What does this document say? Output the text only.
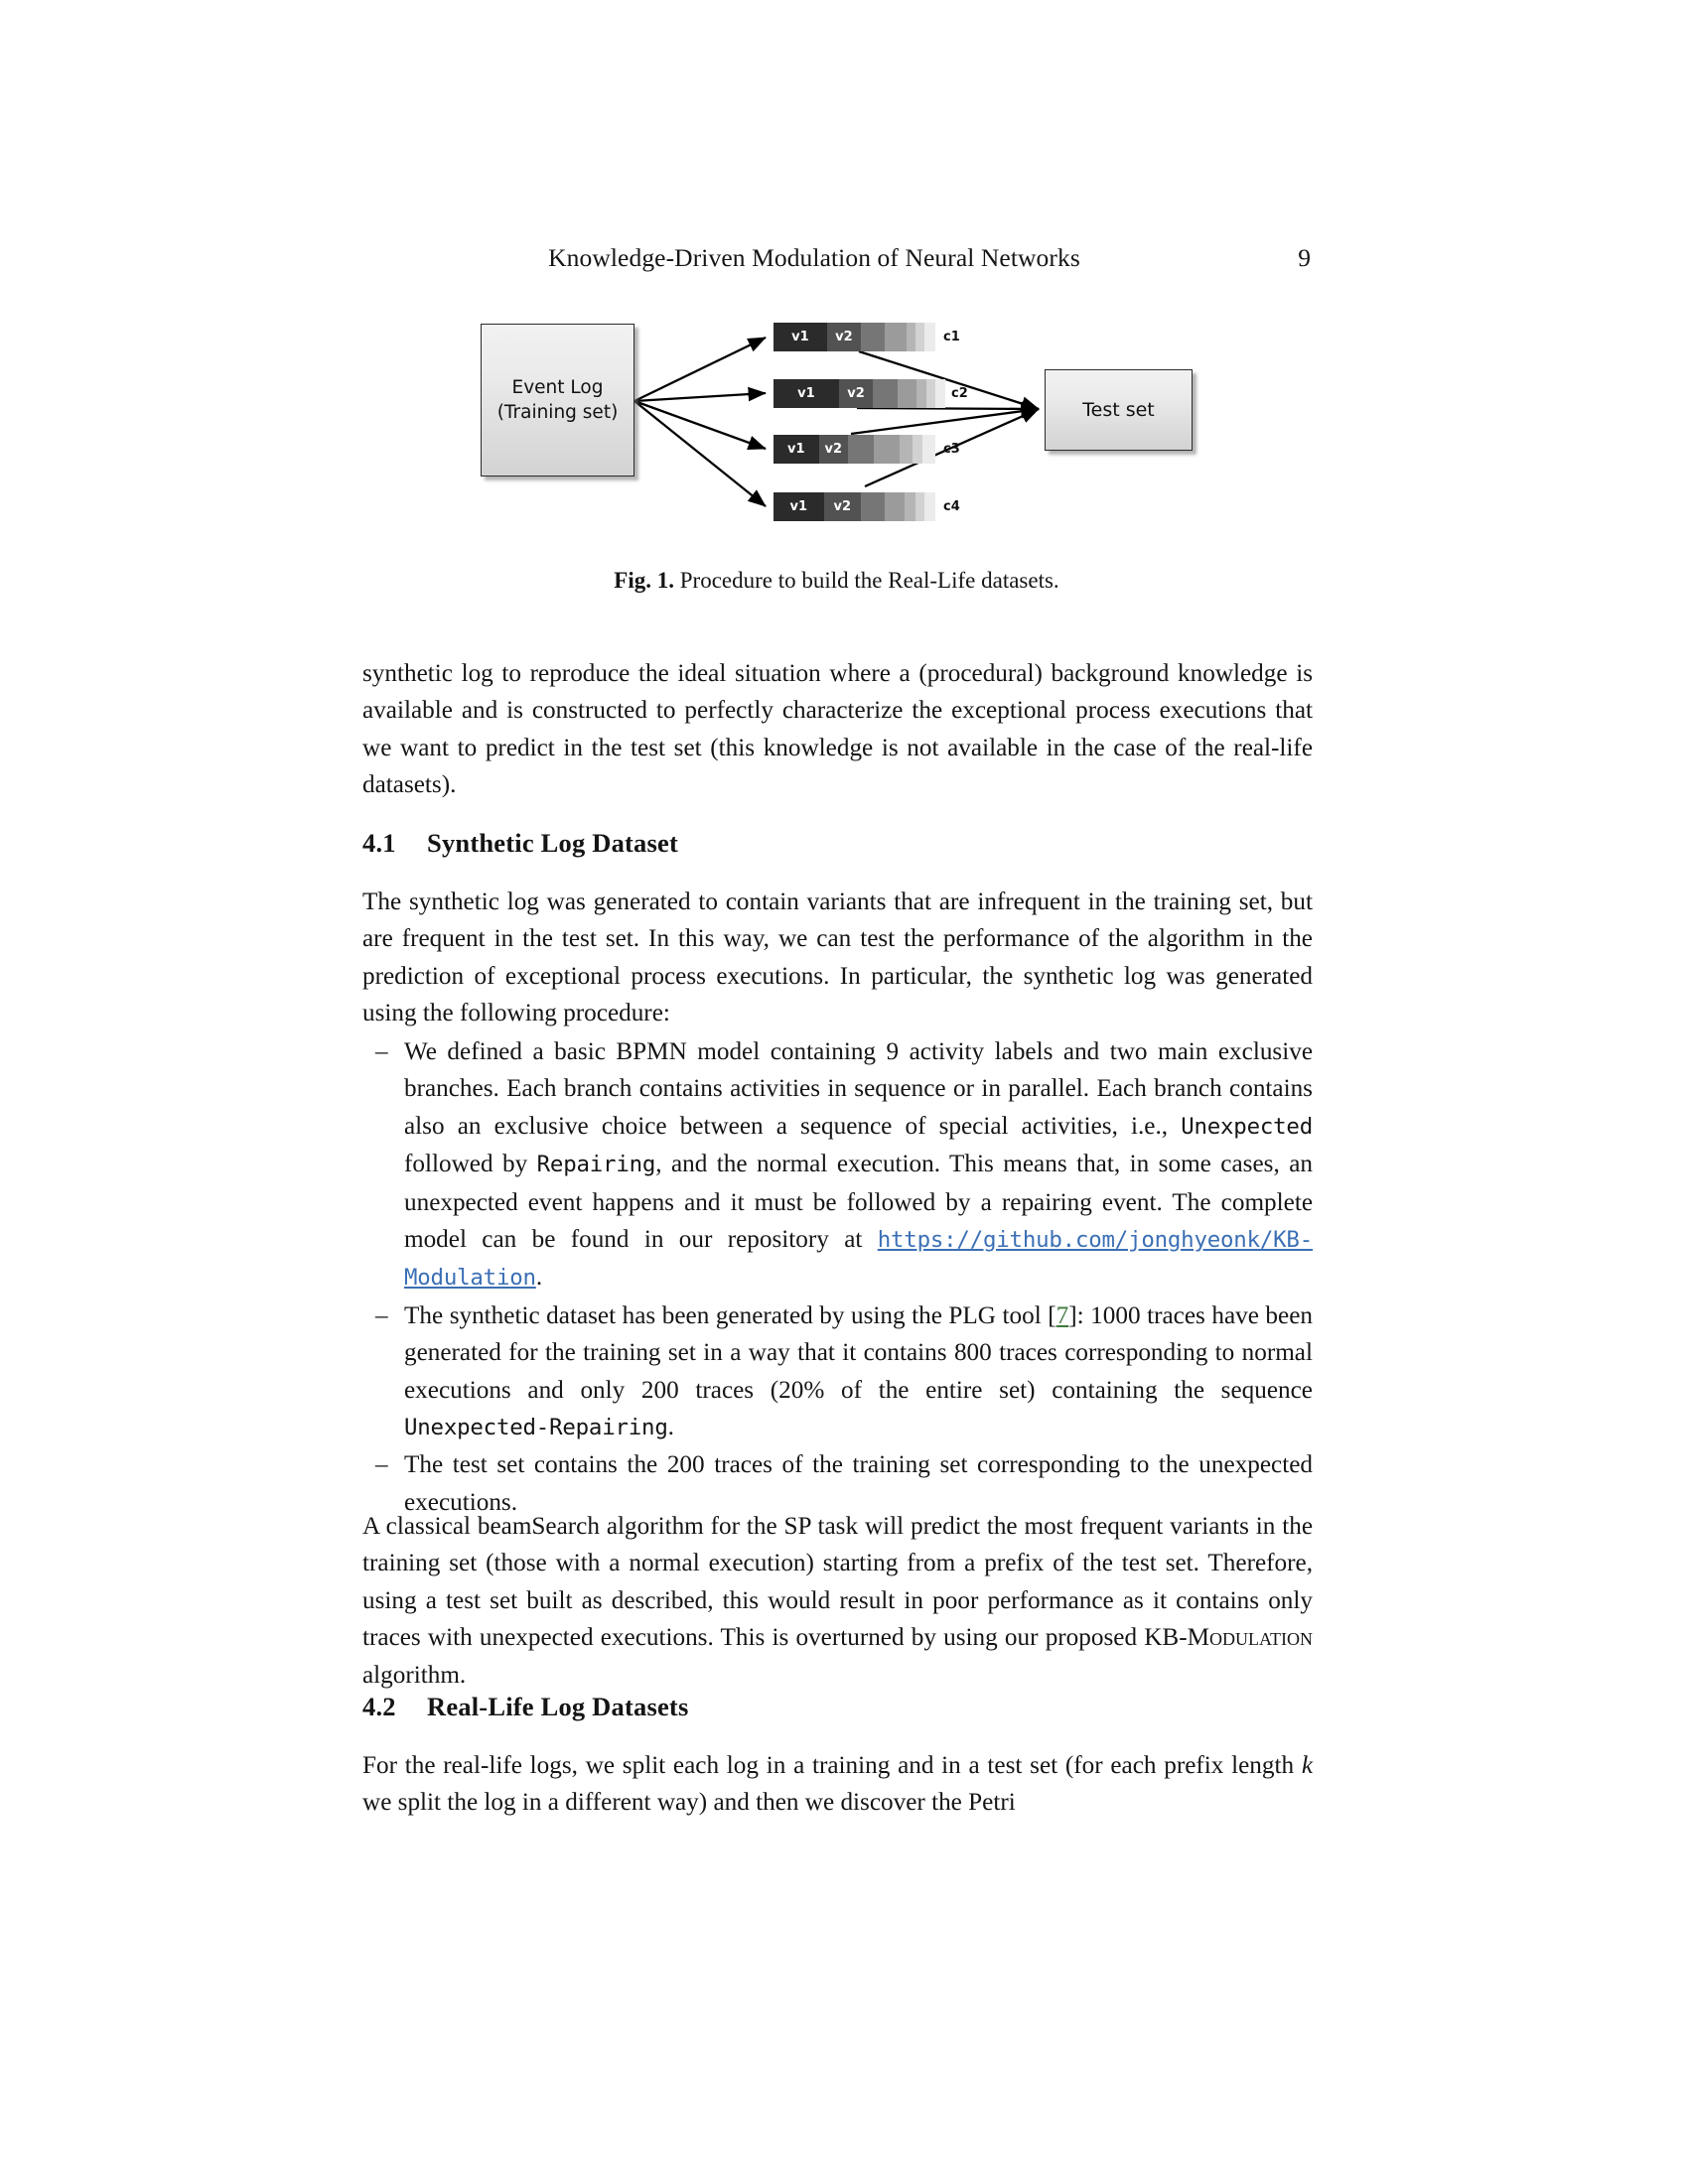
Knowledge-Driven Modulation of Neural Networks	9
Event Log
(Training set)	Test set
v1	v2	c1
v1	v2	c2
v1	v2	c3
v1	v2	c4
Fig. 1. Procedure to build the Real-Life datasets.

synthetic log to reproduce the ideal situation where a (procedural) background knowledge is available and is constructed to perfectly characterize the exceptional process executions that we want to predict in the test set (this knowledge is not available in the case of the real-life datasets).

4.1 Synthetic Log Dataset

The synthetic log was generated to contain variants that are infrequent in the training set, but are frequent in the test set. In this way, we can test the performance of the algorithm in the prediction of exceptional process executions. In particular, the synthetic log was generated using the following procedure:

– We defined a basic BPMN model containing 9 activity labels and two main exclusive branches. Each branch contains activities in sequence or in parallel. Each branch contains also an exclusive choice between a sequence of special activities, i.e., Unexpected followed by Repairing, and the normal execution. This means that, in some cases, an unexpected event happens and it must be followed by a repairing event. The complete model can be found in our repository at https://github.com/jonghyeonk/KB-Modulation.
– The synthetic dataset has been generated by using the PLG tool [7]: 1000 traces have been generated for the training set in a way that it contains 800 traces corresponding to normal executions and only 200 traces (20% of the entire set) containing the sequence Unexpected-Repairing.
– The test set contains the 200 traces of the training set corresponding to the unexpected executions.

A classical beamSearch algorithm for the SP task will predict the most frequent variants in the training set (those with a normal execution) starting from a prefix of the test set. Therefore, using a test set built as described, this would result in poor performance as it contains only traces with unexpected executions. This is overturned by using our proposed KB-Modulation algorithm.

4.2 Real-Life Log Datasets

For the real-life logs, we split each log in a training and in a test set (for each prefix length k we split the log in a different way) and then we discover the Petri
